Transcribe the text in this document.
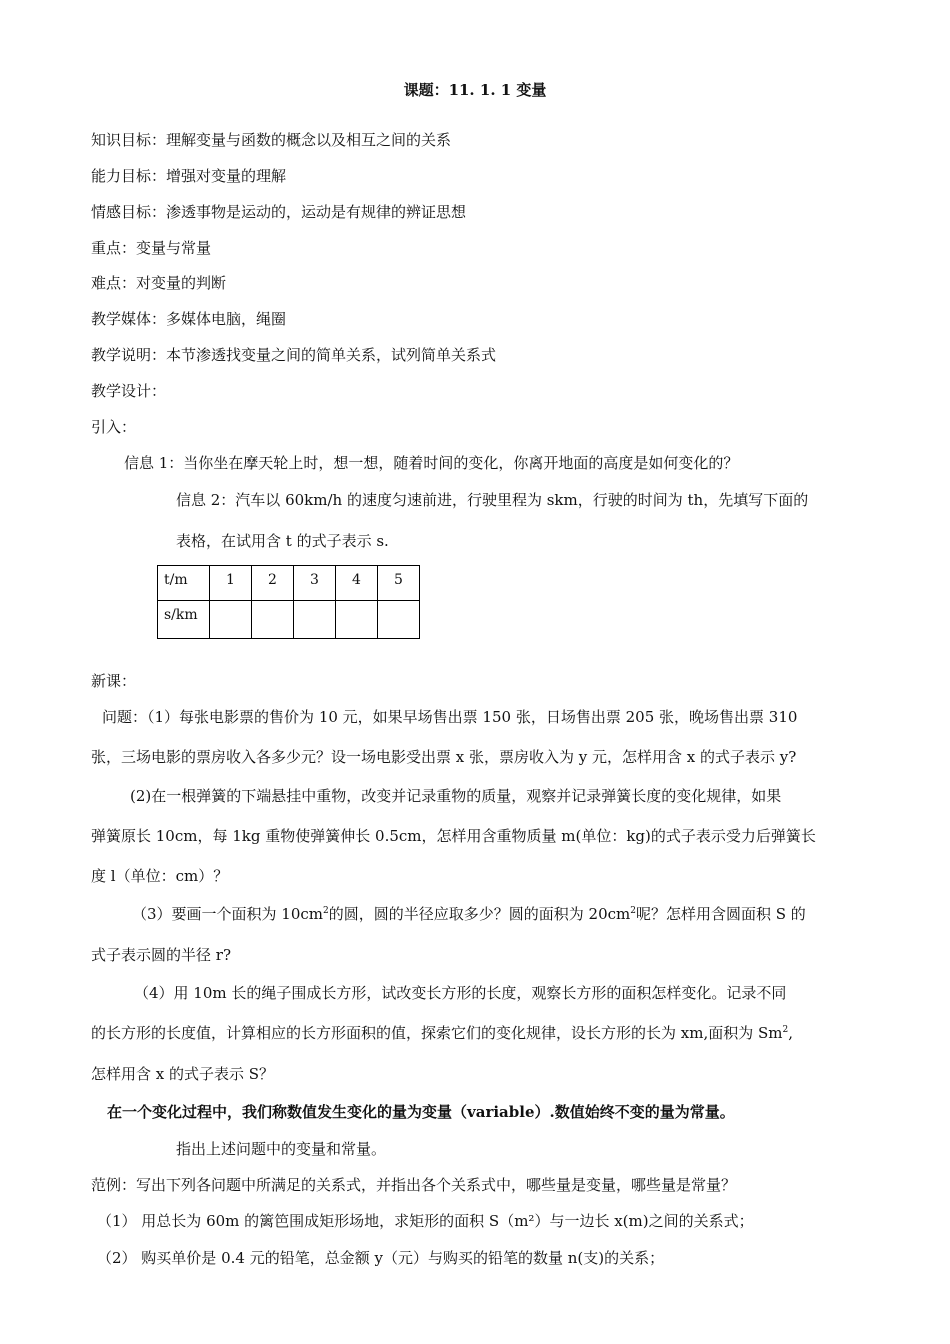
课题：11. 1. 1 变量
知识目标：理解变量与函数的概念以及相互之间的关系
能力目标：增强对变量的理解
情感目标：渗透事物是运动的，运动是有规律的辨证思想
重点：变量与常量
难点：对变量的判断
教学媒体：多媒体电脑，绳圈
教学说明：本节渗透找变量之间的简单关系，试列简单关系式
教学设计：
引入：
信息 1：当你坐在摩天轮上时，想一想，随着时间的变化，你离开地面的高度是如何变化的？
信息 2：汽车以 60km/h 的速度匀速前进，行驶里程为 skm，行驶的时间为 th，先填写下面的
表格，在试用含 t 的式子表示 s.
t/m	1	2	3	4	5
s/km					
新课：
问题：（1）每张电影票的售价为 10 元，如果早场售出票 150 张，日场售出票 205 张，晚场售出票 310
张，三场电影的票房收入各多少元？设一场电影受出票 x 张，票房收入为 y 元，怎样用含 x 的式子表示 y?
(2)在一根弹簧的下端悬挂中重物，改变并记录重物的质量，观察并记录弹簧长度的变化规律，如果
弹簧原长 10cm，每 1kg 重物使弹簧伸长 0.5cm，怎样用含重物质量 m(单位：kg)的式子表示受力后弹簧长
度 l（单位：cm）？
（3）要画一个面积为 $10cm^2$的圆，圆的半径应取多少？圆的面积为 $20cm^2$呢？怎样用含圆面积 S 的
式子表示圆的半径 r?
（4）用 10m 长的绳子围成长方形，试改变长方形的长度，观察长方形的面积怎样变化。记录不同
的长方形的长度值，计算相应的长方形面积的值，探索它们的变化规律，设长方形的长为 xm,面积为 Sm$^2$,
怎样用含 x 的式子表示 S？
在一个变化过程中，我们称数值发生变化的量为变量（variable）.数值始终不变的量为常量。
指出上述问题中的变量和常量。
范例：写出下列各问题中所满足的关系式，并指出各个关系式中，哪些量是变量，哪些量是常量？
（1） 用总长为 60m 的篱笆围成矩形场地，求矩形的面积 S（m²）与一边长 x(m)之间的关系式；
（2） 购买单价是 0.4 元的铅笔，总金额 y（元）与购买的铅笔的数量 n(支)的关系；
